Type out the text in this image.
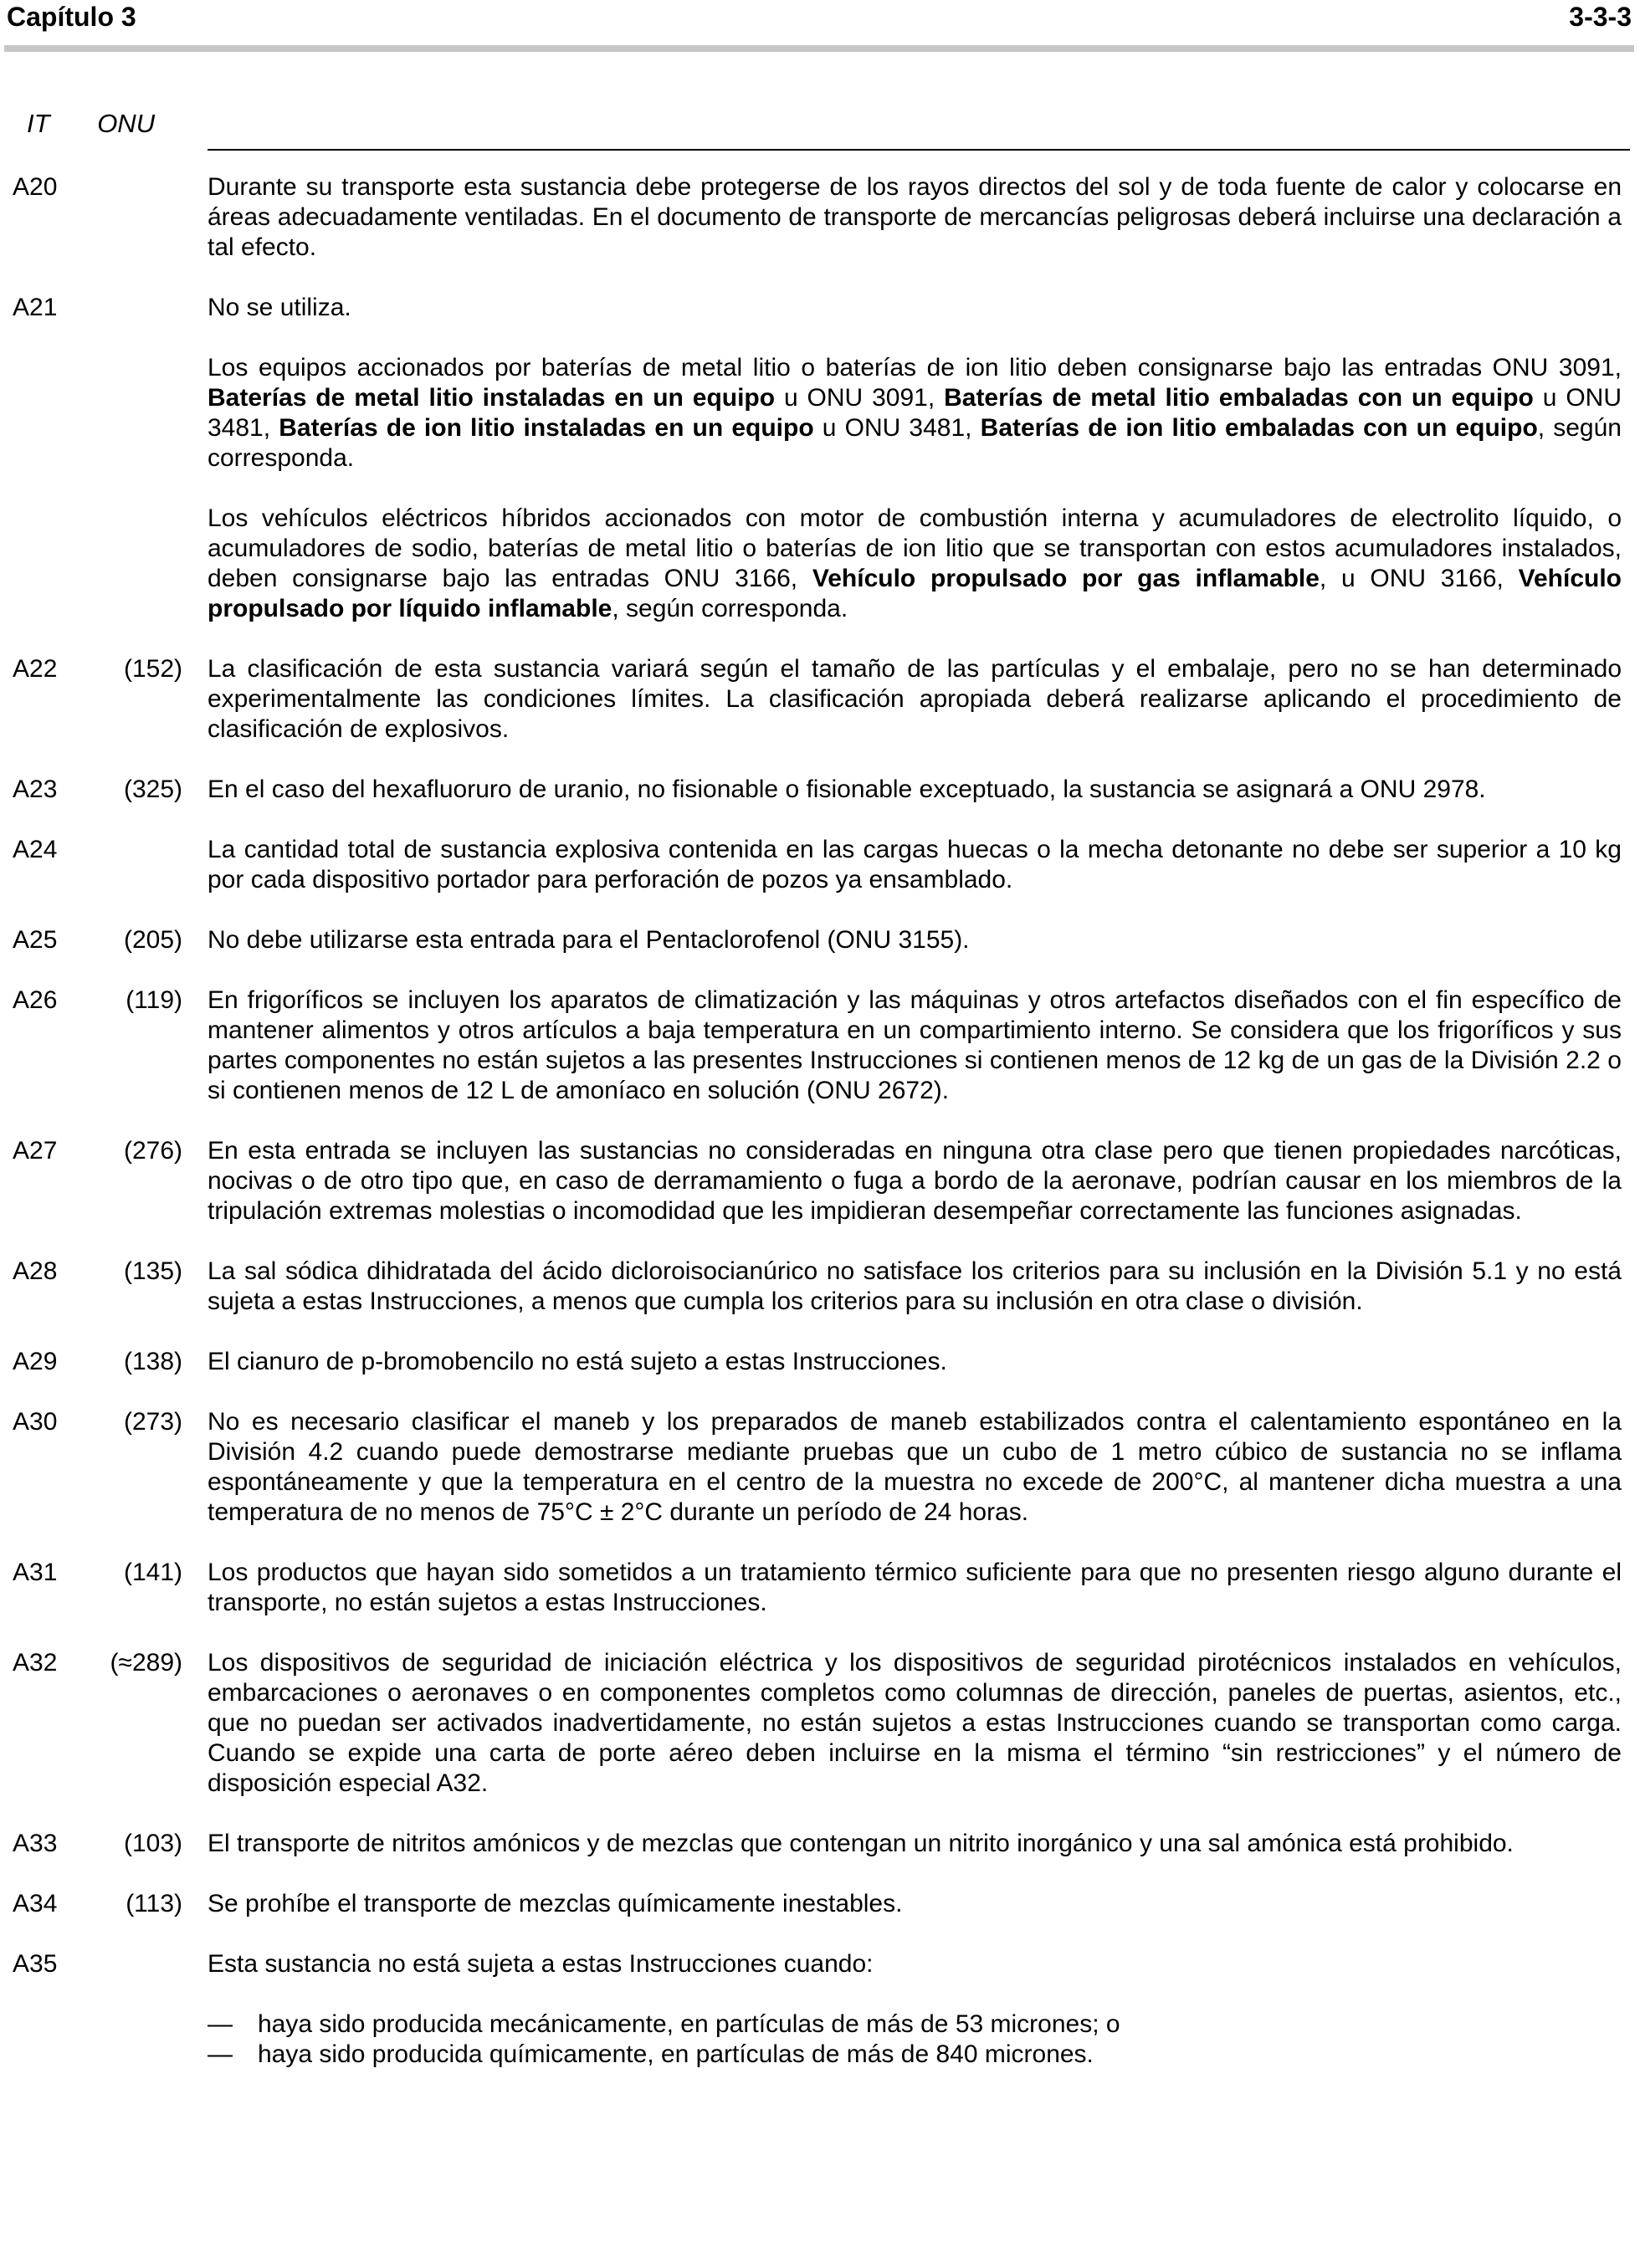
Capítulo 3	3-3-3
IT ONU
A20	Durante su transporte esta sustancia debe protegerse de los rayos directos del sol y de toda fuente de calor y colocarse en áreas adecuadamente ventiladas. En el documento de transporte de mercancías peligrosas deberá incluirse una declaración a tal efecto.

A21	No se utiliza.

Los equipos accionados por baterías de metal litio o baterías de ion litio deben consignarse bajo las entradas ONU 3091, Baterías de metal litio instaladas en un equipo u ONU 3091, Baterías de metal litio embaladas con un equipo u ONU 3481, Baterías de ion litio instaladas en un equipo u ONU 3481, Baterías de ion litio embaladas con un equipo, según corresponda.

Los vehículos eléctricos híbridos accionados con motor de combustión interna y acumuladores de electrolito líquido, o acumuladores de sodio, baterías de metal litio o baterías de ion litio que se transportan con estos acumuladores instalados, deben consignarse bajo las entradas ONU 3166, Vehículo propulsado por gas inflamable, u ONU 3166, Vehículo propulsado por líquido inflamable, según corresponda.

A22	(152) La clasificación de esta sustancia variará según el tamaño de las partículas y el embalaje, pero no se han determinado experimentalmente las condiciones límites. La clasificación apropiada deberá realizarse aplicando el procedimiento de clasificación de explosivos.

A23	(325) En el caso del hexafluoruro de uranio, no fisionable o fisionable exceptuado, la sustancia se asignará a ONU 2978.

A24	La cantidad total de sustancia explosiva contenida en las cargas huecas o la mecha detonante no debe ser superior a 10 kg por cada dispositivo portador para perforación de pozos ya ensamblado.

A25	(205) No debe utilizarse esta entrada para el Pentaclorofenol (ONU 3155).

A26	(119) En frigoríficos se incluyen los aparatos de climatización y las máquinas y otros artefactos diseñados con el fin específico de mantener alimentos y otros artículos a baja temperatura en un compartimiento interno. Se considera que los frigoríficos y sus partes componentes no están sujetos a las presentes Instrucciones si contienen menos de 12 kg de un gas de la División 2.2 o si contienen menos de 12 L de amoníaco en solución (ONU 2672).

A27	(276) En esta entrada se incluyen las sustancias no consideradas en ninguna otra clase pero que tienen propiedades narcóticas, nocivas o de otro tipo que, en caso de derramamiento o fuga a bordo de la aeronave, podrían causar en los miembros de la tripulación extremas molestias o incomodidad que les impidieran desempeñar correctamente las funciones asignadas.

A28	(135) La sal sódica dihidratada del ácido dicloroisocianúrico no satisface los criterios para su inclusión en la División 5.1 y no está sujeta a estas Instrucciones, a menos que cumpla los criterios para su inclusión en otra clase o división.

A29	(138) El cianuro de p-bromobencilo no está sujeto a estas Instrucciones.

A30	(273) No es necesario clasificar el maneb y los preparados de maneb estabilizados contra el calentamiento espontáneo en la División 4.2 cuando puede demostrarse mediante pruebas que un cubo de 1 metro cúbico de sustancia no se inflama espontáneamente y que la temperatura en el centro de la muestra no excede de 200°C, al mantener dicha muestra a una temperatura de no menos de 75°C ± 2°C durante un período de 24 horas.

A31	(141) Los productos que hayan sido sometidos a un tratamiento térmico suficiente para que no presenten riesgo alguno durante el transporte, no están sujetos a estas Instrucciones.

A32	(≈289) Los dispositivos de seguridad de iniciación eléctrica y los dispositivos de seguridad pirotécnicos instalados en vehículos, embarcaciones o aeronaves o en componentes completos como columnas de dirección, paneles de puertas, asientos, etc., que no puedan ser activados inadvertidamente, no están sujetos a estas Instrucciones cuando se transportan como carga. Cuando se expide una carta de porte aéreo deben incluirse en la misma el término “sin restricciones” y el número de disposición especial A32.

A33	(103) El transporte de nitritos amónicos y de mezclas que contengan un nitrito inorgánico y una sal amónica está prohibido.

A34	(113) Se prohíbe el transporte de mezclas químicamente inestables.

A35	Esta sustancia no está sujeta a estas Instrucciones cuando:

—	haya sido producida mecánicamente, en partículas de más de 53 micrones; o
—	haya sido producida químicamente, en partículas de más de 840 micrones.
